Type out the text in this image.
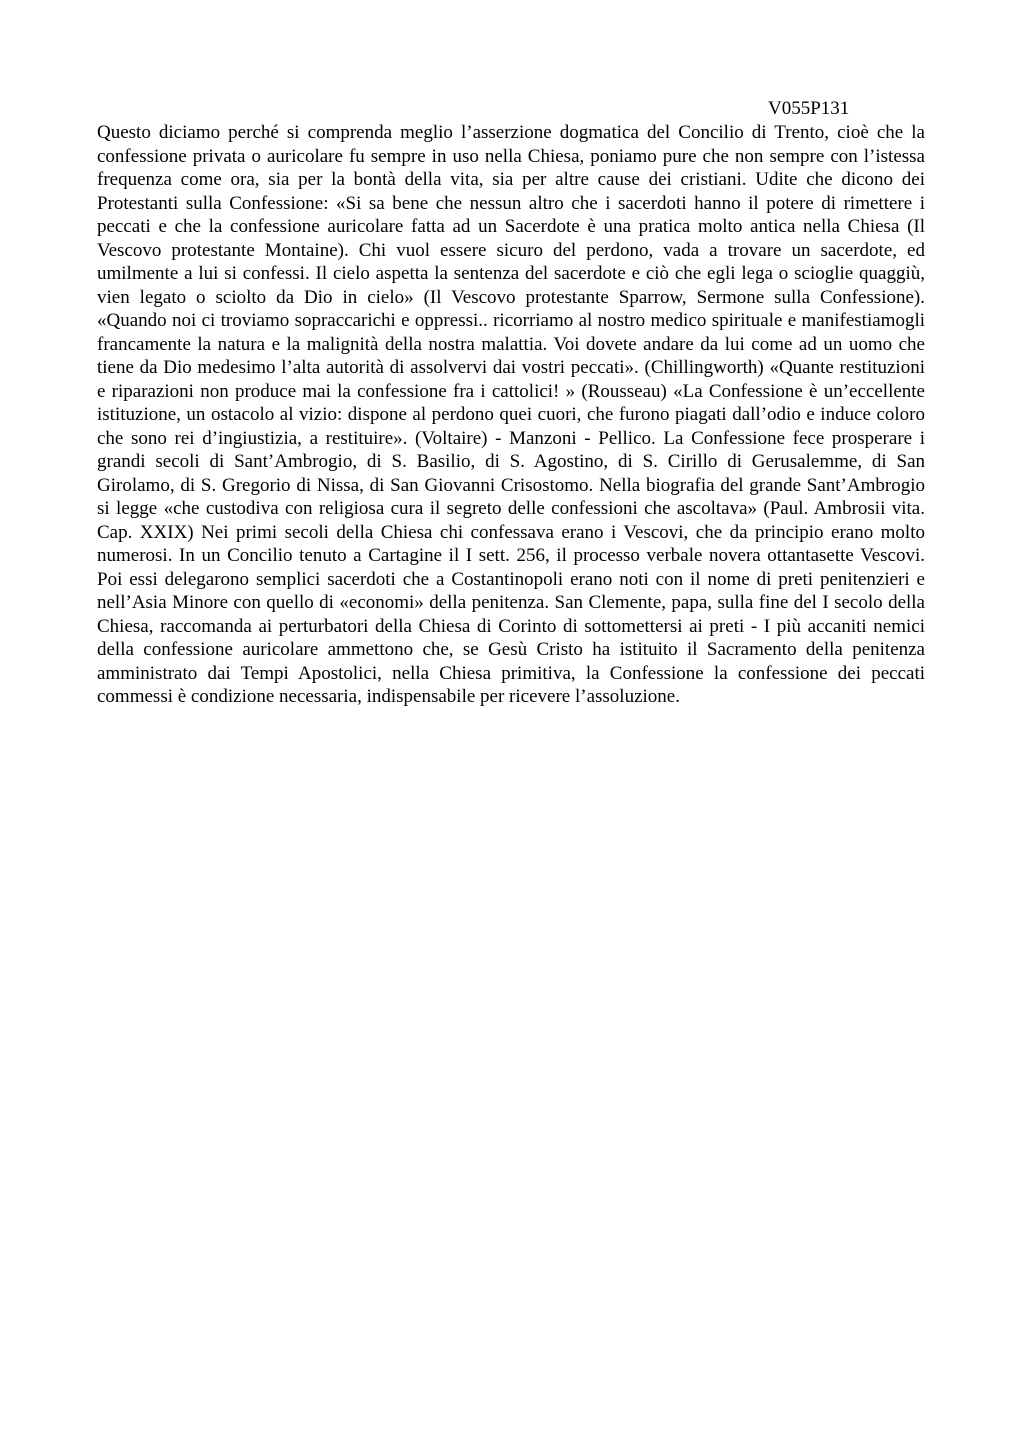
V055P131

Questo diciamo perché si comprenda meglio l’asserzione dogmatica del Concilio di Trento, cioè che la confessione privata o auricolare fu sempre in uso nella Chiesa, poniamo pure che non sempre con l’istessa frequenza come ora, sia per la bontà della vita, sia per altre cause dei cristiani. Udite che dicono dei Protestanti sulla Confessione: «Si sa bene che nessun altro che i sacerdoti hanno il potere di rimettere i peccati e che la confessione auricolare fatta ad un Sacerdote è una pratica molto antica nella Chiesa (Il Vescovo protestante Montaine). Chi vuol essere sicuro del perdono, vada a trovare un sacerdote, ed umilmente a lui si confessi. Il cielo aspetta la sentenza del sacerdote e ciò che egli lega o scioglie quaggiù, vien legato o sciolto da Dio in cielo» (Il Vescovo protestante Sparrow, Sermone sulla Confessione). «Quando noi ci troviamo sopraccarichi e oppressi.. ricorriamo al nostro medico spirituale e manifestiamogli francamente la natura e la malignità della nostra malattia. Voi dovete andare da lui come ad un uomo che tiene da Dio medesimo l’alta autorità di assolvervi dai vostri peccati». (Chillingworth) «Quante restituzioni e riparazioni non produce mai la confessione fra i cattolici! » (Rousseau) «La Confessione è un’eccellente istituzione, un ostacolo al vizio: dispone al perdono quei cuori, che furono piagati dall’odio e induce coloro che sono rei d’ingiustizia, a restituire». (Voltaire) - Manzoni - Pellico. La Confessione fece prosperare i grandi secoli di Sant’Ambrogio, di S. Basilio, di S. Agostino, di S. Cirillo di Gerusalemme, di San Girolamo, di S. Gregorio di Nissa, di San Giovanni Crisostomo. Nella biografia del grande Sant’Ambrogio si legge «che custodiva con religiosa cura il segreto delle confessioni che ascoltava» (Paul. Ambrosii vita. Cap. XXIX) Nei primi secoli della Chiesa chi confessava erano i Vescovi, che da principio erano molto numerosi. In un Concilio tenuto a Cartagine il I sett. 256, il processo verbale novera ottantasette Vescovi. Poi essi delegarono semplici sacerdoti che a Costantinopoli erano noti con il nome di preti penitenzieri e nell’Asia Minore con quello di «economi» della penitenza. San Clemente, papa, sulla fine del I secolo della Chiesa, raccomanda ai perturbatori della Chiesa di Corinto di sottomettersi ai preti - I più accaniti nemici della confessione auricolare ammettono che, se Gesù Cristo ha istituito il Sacramento della penitenza amministrato dai Tempi Apostolici, nella Chiesa primitiva, la Confessione la confessione dei peccati commessi è condizione necessaria, indispensabile per ricevere l’assoluzione.
